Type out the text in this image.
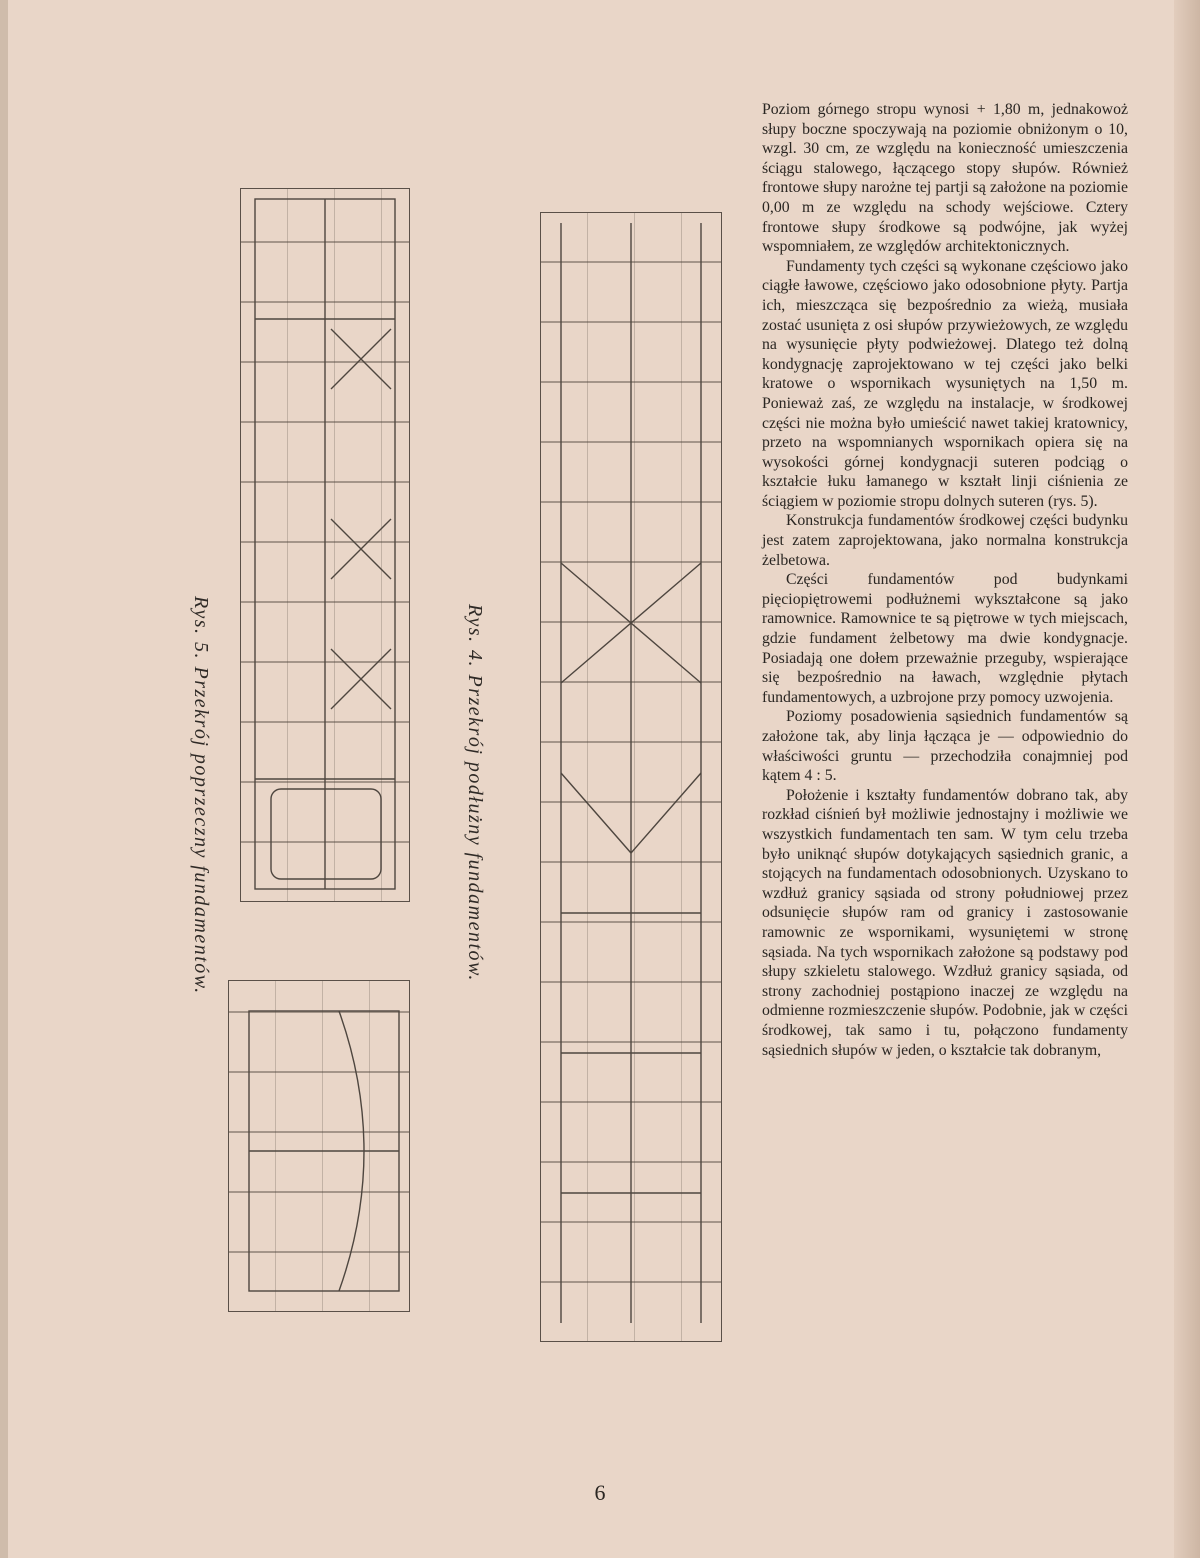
Rys. 5. Przekrój poprzeczny fundamentów.	Rys. 4. Przekrój podłużny fundamentów.

Poziom górnego stropu wynosi + 1,80 m, jednakowoż słupy boczne spoczywają na poziomie obniżonym o 10, wzgl. 30 cm, ze względu na konieczność umieszczenia ściągu stalowego, łączącego stopy słupów. Również frontowe słupy narożne tej partji są założone na poziomie 0,00 m ze względu na schody wejściowe. Cztery frontowe słupy środkowe są podwójne, jak wyżej wspomniałem, ze względów architektonicznych.

Fundamenty tych części są wykonane częściowo jako ciągłe ławowe, częściowo jako odosobnione płyty. Partja ich, mieszcząca się bezpośrednio za wieżą, musiała zostać usunięta z osi słupów przywieżowych, ze względu na wysunięcie płyty podwieżowej. Dlatego też dolną kondygnację zaprojektowano w tej części jako belki kratowe o wspornikach wysuniętych na 1,50 m. Ponieważ zaś, ze względu na instalacje, w środkowej części nie można było umieścić nawet takiej kratownicy, przeto na wspomnianych wspornikach opiera się na wysokości górnej kondygnacji suteren podciąg o kształcie łuku łamanego w kształt linji ciśnienia ze ściągiem w poziomie stropu dolnych suteren (rys. 5).

Konstrukcja fundamentów środkowej części budynku jest zatem zaprojektowana, jako normalna konstrukcja żelbetowa.

Części fundamentów pod budynkami pięciopiętrowemi podłużnemi wykształcone są jako ramownice. Ramownice te są piętrowe w tych miejscach, gdzie fundament żelbetowy ma dwie kondygnacje. Posiadają one dołem przeważnie przeguby, wspierające się bezpośrednio na ławach, względnie płytach fundamentowych, a uzbrojone przy pomocy uzwojenia.

Poziomy posadowienia sąsiednich fundamentów są założone tak, aby linja łącząca je — odpowiednio do właściwości gruntu — przechodziła conajmniej pod kątem 4 : 5.

Położenie i kształty fundamentów dobrano tak, aby rozkład ciśnień był możliwie jednostajny i możliwie we wszystkich fundamentach ten sam. W tym celu trzeba było uniknąć słupów dotykających sąsiednich granic, a stojących na fundamentach odosobnionych. Uzyskano to wzdłuż granicy sąsiada od strony południowej przez odsunięcie słupów ram od granicy i zastosowanie ramownic ze wspornikami, wysuniętemi w stronę sąsiada. Na tych wspornikach założone są podstawy pod słupy szkieletu stalowego. Wzdłuż granicy sąsiada, od strony zachodniej postąpiono inaczej ze względu na odmienne rozmieszczenie słupów. Podobnie, jak w części środkowej, tak samo i tu, połączono fundamenty sąsiednich słupów w jeden, o kształcie tak dobranym,

6
